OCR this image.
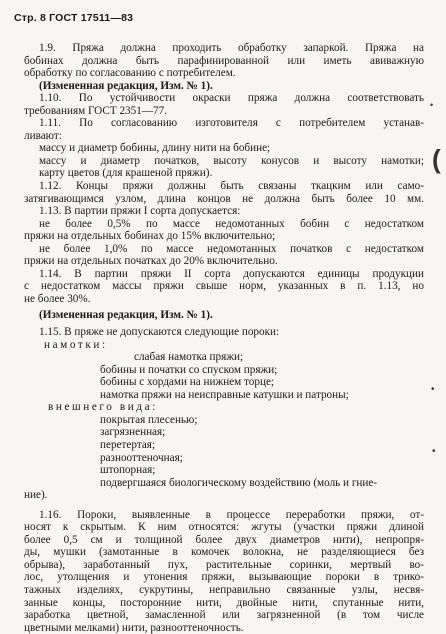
Стр. 8 ГОСТ 17511—83
1.9. Пряжа должна проходить обработку запаркой. Пряжа на
бобинах должна быть парафинированной или иметь авиважную
обработку по согласованию с потребителем.
(Измененная редакция, Изм. № 1).
1.10. По устойчивости окраски пряжа должна соответствовать
требованиям ГОСТ 2351—77.
1.11. По согласованию изготовителя с потребителем устанав-
ливают:
массу и диаметр бобины, длину нити на бобине;
массу и диаметр початков, высоту конусов и высоту намотки;
карту цветов (для крашеной пряжи).
1.12. Концы пряжи должны быть связаны ткацким или само-
затягивающимся узлом, длина концов не должна быть более 10 мм.
1.13. В партии пряжи I сорта допускается:
не более 0,5% по массе недомотанных бобин с недостатком
пряжи на отдельных бобинах до 15% включительно;
не более 1,0% по массе недомотанных початков с недостатком
пряжи на отдельных початках до 20% включительно.
1.14. В партии пряжи II сорта допускаются единицы продукции
с недостатком массы пряжи свыше норм, указанных в п. 1.13, но
не более 30%.
(Измененная редакция, Изм. № 1).
1.15. В пряже не допускаются следующие пороки:
намотки:
слабая намотка пряжи;
бобины и початки со спуском пряжи;
бобины с хордами на нижнем торце;
намотка пряжи на неисправные катушки и патроны;
внешнего вида:
покрытая плесенью;
загрязненная;
перетертая;
разнооттеночная;
штопорная;
подвергшаяся биологическому воздействию (моль и гние-
ние).
1.16. Пороки, выявленные в процессе переработки пряжи, от-
носят к скрытым. К ним относятся: жгуты (участки пряжи длиной
более 0,5 см и толщиной более двух диаметров нити), непропря-
ды, мушки (замотанные в комочек волокна, не разделяющиеся без
обрыва), заработанный пух, растительные соринки, мертвый во-
лос, утолщения и утонения пряжи, вызывающие пороки в трико-
тажных изделиях, сукрутины, неправильно связанные узлы, несвя-
занные концы, посторонние нити, двойные нити, спутанные нити,
заработка цветной, замасленной или загрязненной (в том числе
цветными мелками) нити, разнооттеночность.
•
(
•
•
